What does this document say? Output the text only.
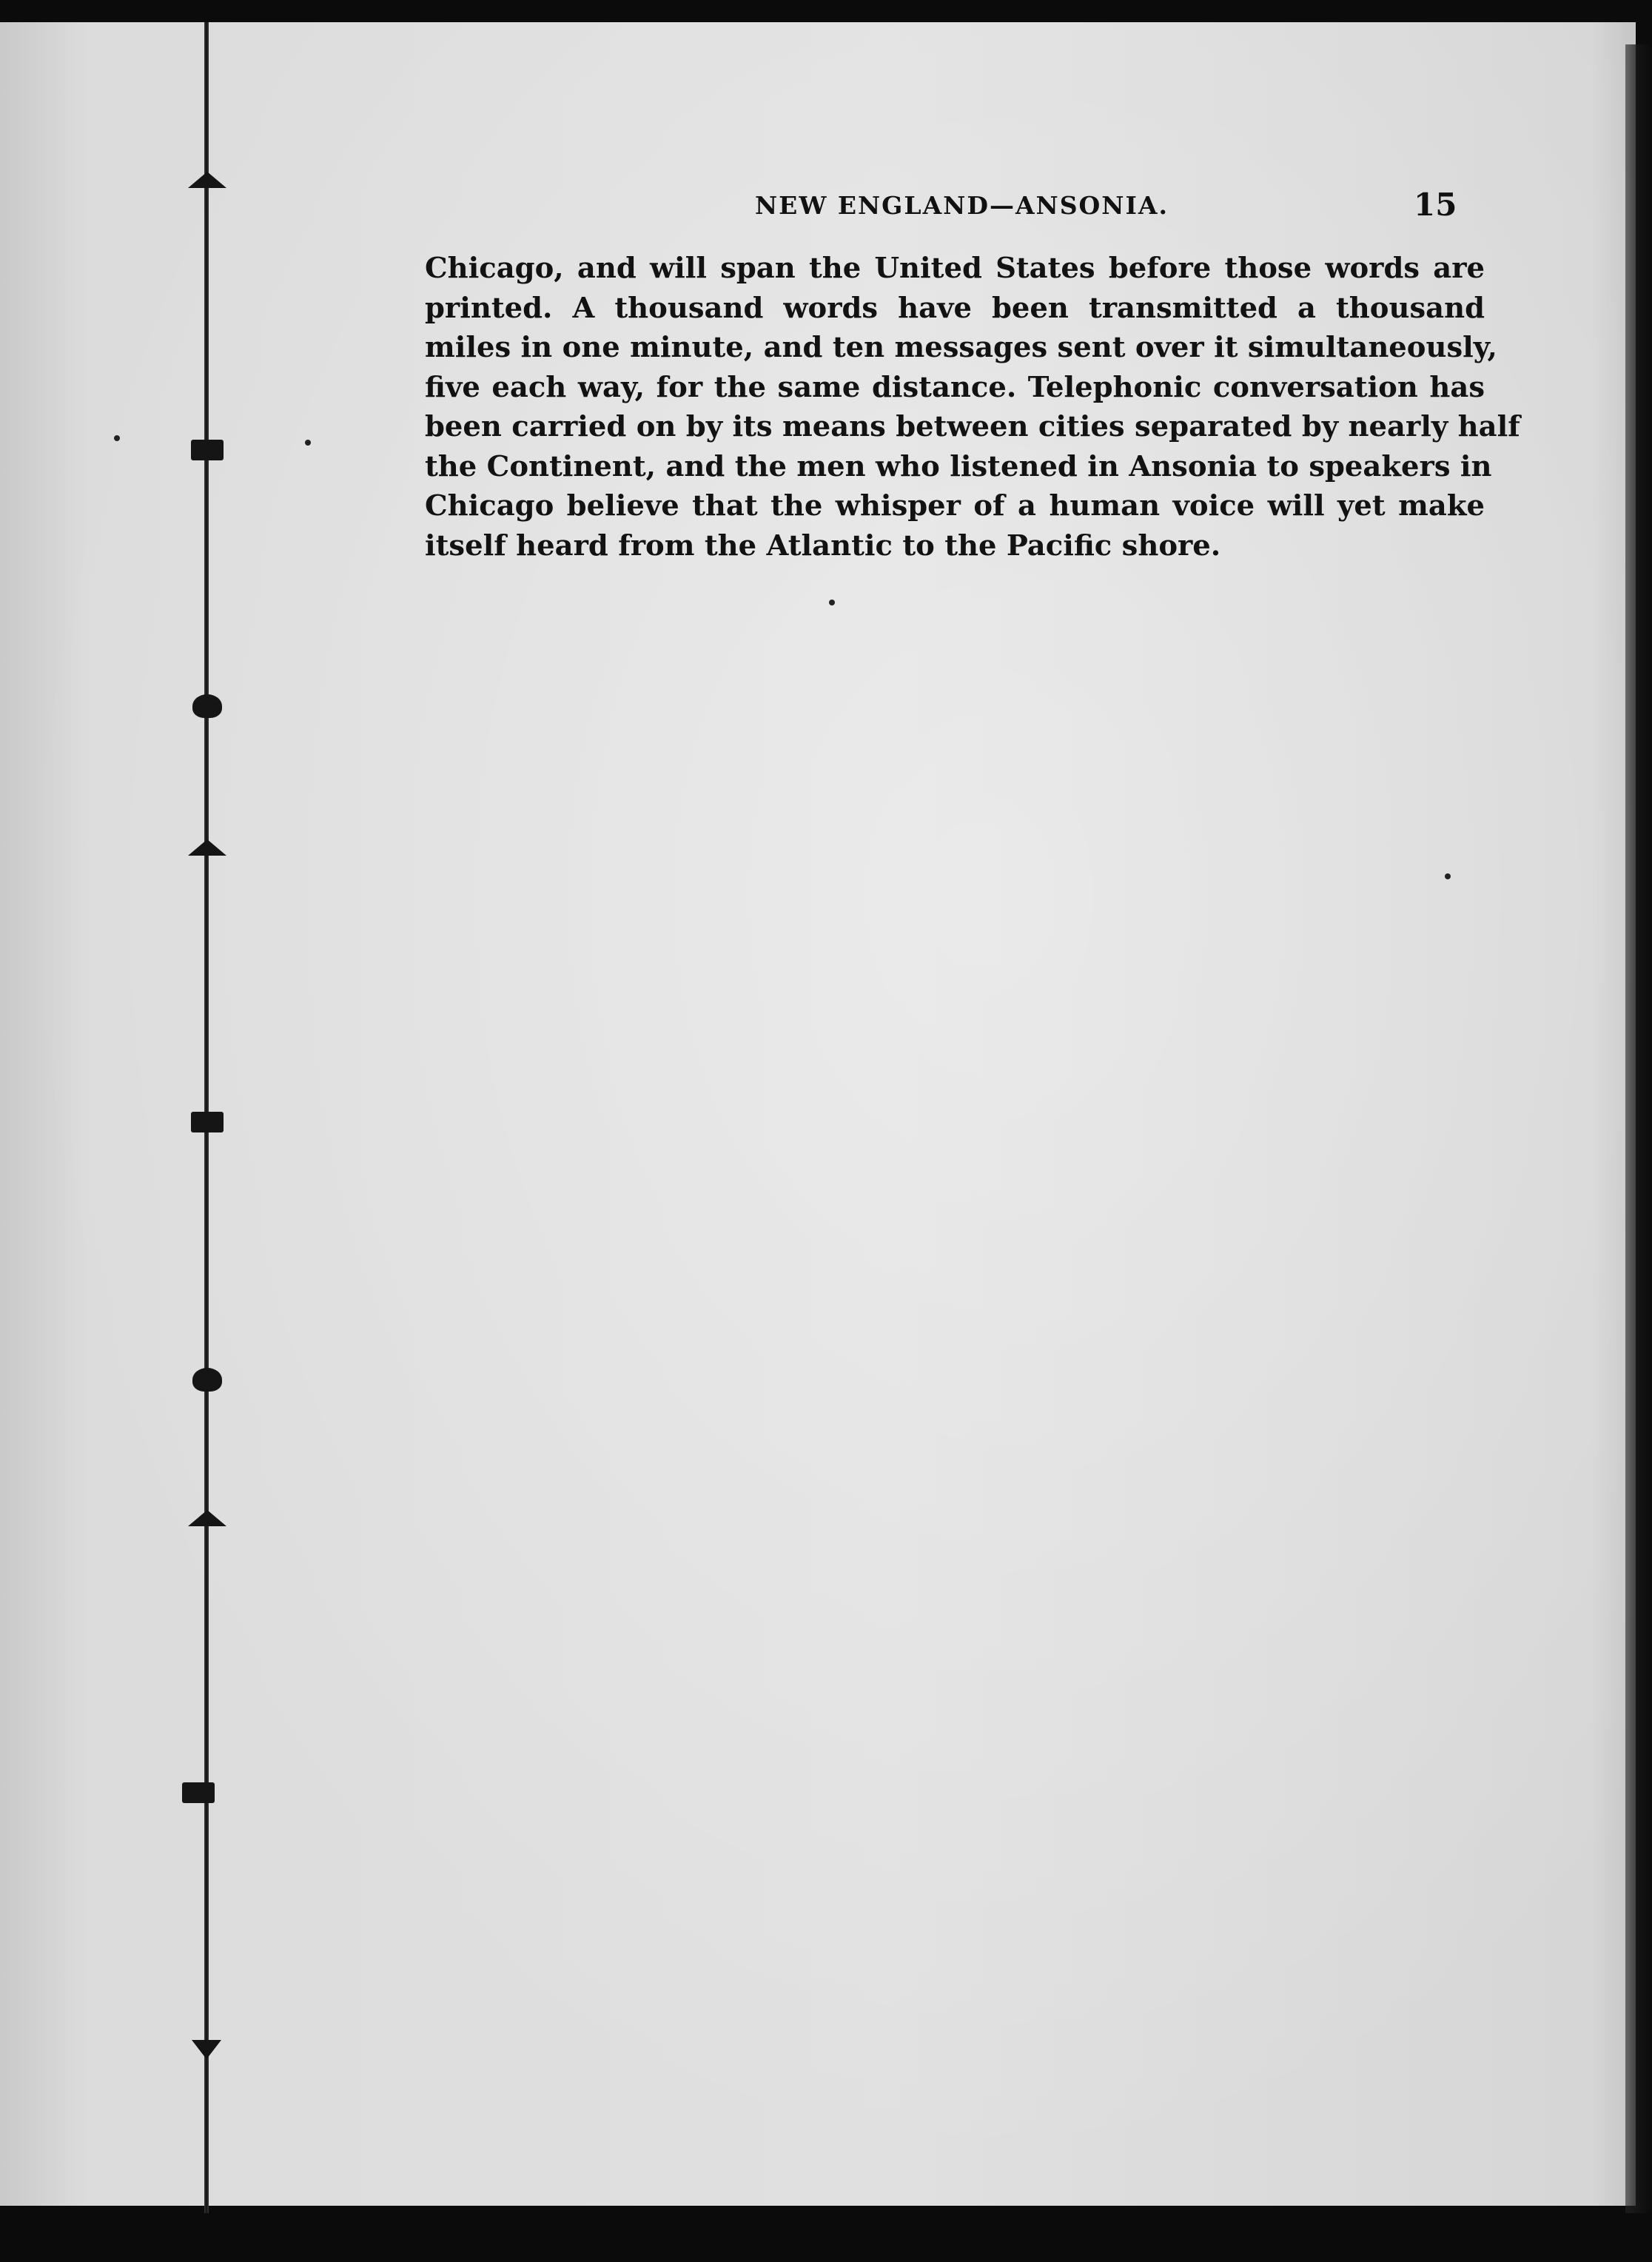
NEW ENGLAND—ANSONIA.	15
Chicago, and will span the United States before those words are
printed. A thousand words have been transmitted a thousand
miles in one minute, and ten messages sent over it simultaneously,
five each way, for the same distance. Telephonic conversation has
been carried on by its means between cities separated by nearly half
the Continent, and the men who listened in Ansonia to speakers in
Chicago believe that the whisper of a human voice will yet make
itself heard from the Atlantic to the Pacific shore.
